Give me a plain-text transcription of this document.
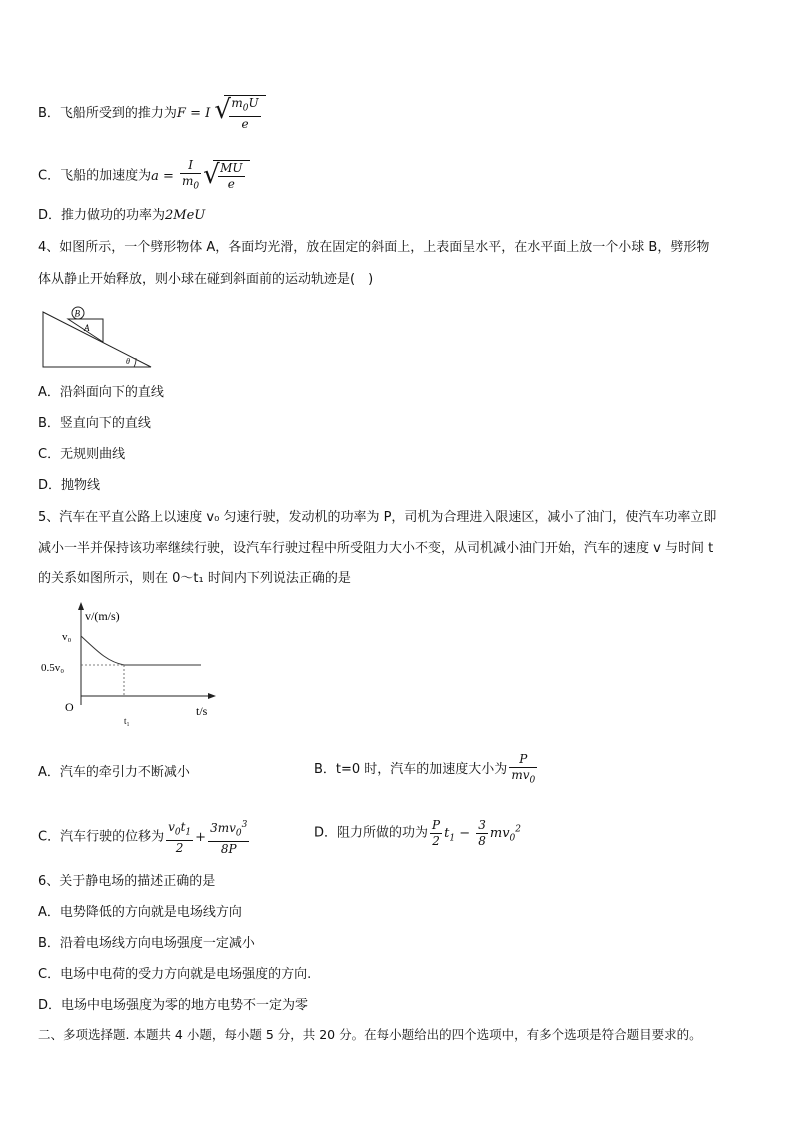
B．飞船所受到的推力为F = I √
$\frac{m_0U}{e}$
C．飞船的加速度为$a = \frac{I}{m_0}$ √
$\frac{MU}{e}$
D．推力做功的功率为2MeU
4、如图所示，一个劈形物体 A，各面均光滑，放在固定的斜面上，上表面呈水平，在水平面上放一个小球 B，劈形物
体从静止开始释放，则小球在碰到斜面前的运动轨迹是(　)
B
A
θ
A．沿斜面向下的直线
B．竖直向下的直线
C．无规则曲线
D．抛物线
5、汽车在平直公路上以速度 v₀ 匀速行驶，发动机的功率为 P，司机为合理进入限速区，减小了油门，使汽车功率立即
减小一半并保持该功率继续行驶，设汽车行驶过程中所受阻力大小不变，从司机减小油门开始，汽车的速度 v 与时间 t
的关系如图所示，则在 0～t₁ 时间内下列说法正确的是
v/(m/s)
v₀
0.5v₀
O
t₁
t/s
A．汽车的牵引力不断减小	B．t=0 时，汽车的加速度大小为 $\frac{P}{mv_0}$
C．汽车行驶的位移为 $\frac{v_0t_1}{2} + \frac{3mv_0^3}{8P}$	D．阻力所做的功为 $\frac{P}{2} t_1 - \frac{3}{8} mv_0^2$
6、关于静电场的描述正确的是
A．电势降低的方向就是电场线方向
B．沿着电场线方向电场强度一定减小
C．电场中电荷的受力方向就是电场强度的方向.
D．电场中电场强度为零的地方电势不一定为零
二、多项选择题. 本题共 4 小题，每小题 5 分，共 20 分。在每小题给出的四个选项中，有多个选项是符合题目要求的。
